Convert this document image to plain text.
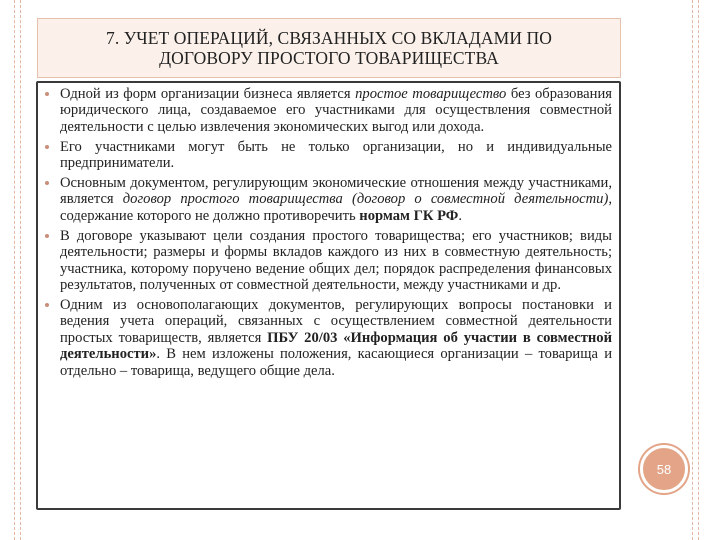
7. УЧЕТ ОПЕРАЦИЙ, СВЯЗАННЫХ СО ВКЛАДАМИ ПО
ДОГОВОРУ ПРОСТОГО ТОВАРИЩЕСТВА
Одной из форм организации бизнеса является простое товарищество без образования юридического лица, создаваемое его участниками для осуществления совместной деятельности с целью извлечения экономических выгод или дохода.
Его участниками могут быть не только организации, но и индивидуальные предприниматели.
Основным документом, регулирующим экономические отношения между участниками, является договор простого товарищества (договор о совместной деятельности), содержание которого не должно противоречить нормам ГК РФ.
В договоре указывают цели создания простого товарищества; его участников; виды деятельности; размеры и формы вкладов каждого из них в совместную деятельность; участника, которому поручено ведение общих дел; порядок распределения финансовых результатов, полученных от совместной деятельности, между участниками и др.
Одним из основополагающих документов, регулирующих вопросы постановки и ведения учета операций, связанных с осуществлением совместной деятельности простых товариществ, является ПБУ 20/03 «Информация об участии в совместной деятельности». В нем изложены положения, касающиеся организации – товарища и отдельно – товарища, ведущего общие дела.
58
